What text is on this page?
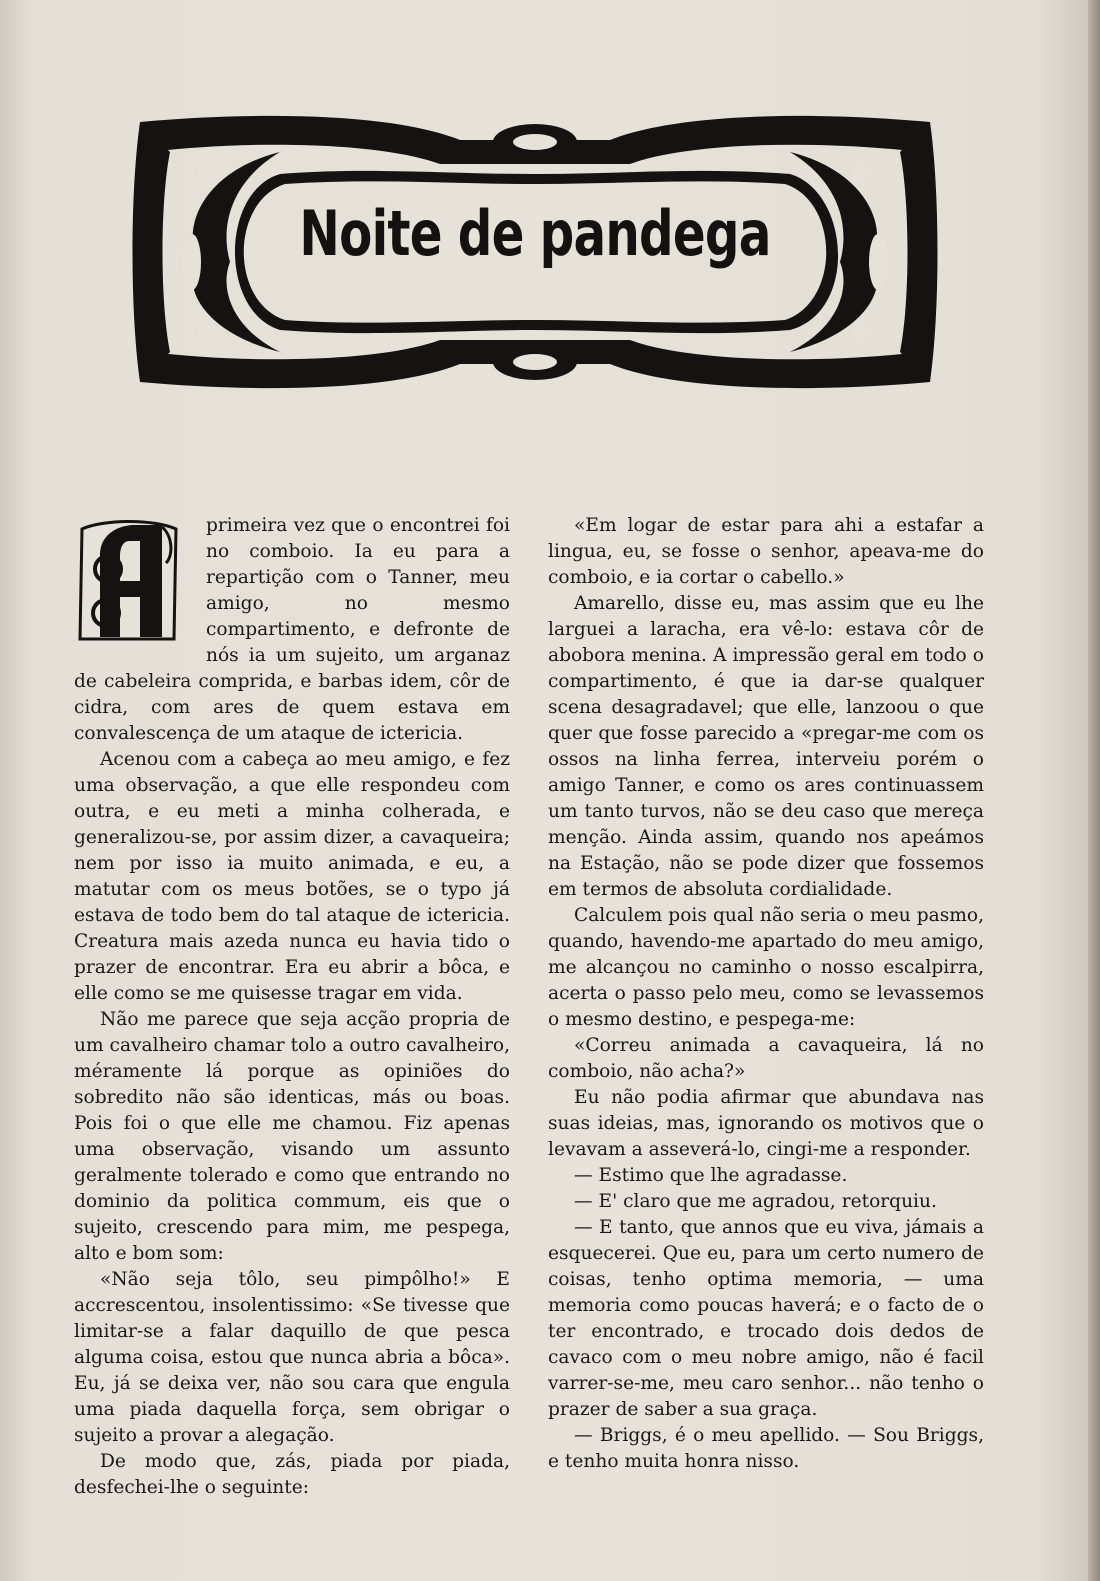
Noite de pandega
A	primeira vez que o encontrei foi no comboio. Ia eu para a repartição com o Tanner, meu amigo, no mesmo compartimento, e defronte de nós ia um sujeito, um arganaz de cabeleira comprida, e barbas idem, côr de cidra, com ares de quem estava em convalescença de um ataque de ictericia.

Acenou com a cabeça ao meu amigo, e fez uma observação, a que elle respondeu com outra, e eu meti a minha colherada, e generalizou-se, por assim dizer, a cavaqueira; nem por isso ia muito animada, e eu, a matutar com os meus botões, se o typo já estava de todo bem do tal ataque de ictericia. Creatura mais azeda nunca eu havia tido o prazer de encontrar. Era eu abrir a bôca, e elle como se me quisesse tragar em vida.

Não me parece que seja acção propria de um cavalheiro chamar tolo a outro cavalheiro, méramente lá porque as opiniões do sobredito não são identicas, más ou boas. Pois foi o que elle me chamou. Fiz apenas uma observação, visando um assunto geralmente tolerado e como que entrando no dominio da politica commum, eis que o sujeito, crescendo para mim, me pespega, alto e bom som:

«Não seja tôlo, seu pimpôlho!» E accrescentou, insolentissimo: «Se tivesse que limitar-se a falar daquillo de que pesca alguma coisa, estou que nunca abria a bôca». Eu, já se deixa ver, não sou cara que engula uma piada daquella força, sem obrigar o sujeito a provar a alegação.

De modo que, zás, piada por piada, desfechei-lhe o seguinte:

«Em logar de estar para ahi a estafar a lingua, eu, se fosse o senhor, apeava-me do comboio, e ia cortar o cabello.»

Amarello, disse eu, mas assim que eu lhe larguei a laracha, era vê-lo: estava côr de abobora menina. A impressão geral em todo o compartimento, é que ia dar-se qualquer scena desagradavel; que elle, lanzoou o que quer que fosse parecido a «pregar-me com os ossos na linha ferrea, interveiu porém o amigo Tanner, e como os ares continuassem um tanto turvos, não se deu caso que mereça menção. Ainda assim, quando nos apeámos na Estação, não se pode dizer que fossemos em termos de absoluta cordialidade.

Calculem pois qual não seria o meu pasmo, quando, havendo-me apartado do meu amigo, me alcançou no caminho o nosso escalpirra, acerta o passo pelo meu, como se levassemos o mesmo destino, e pespega-me:

«Correu animada a cavaqueira, lá no comboio, não acha?»

Eu não podia afirmar que abundava nas suas ideias, mas, ignorando os motivos que o levavam a asseverá-lo, cingi-me a responder.

— Estimo que lhe agradasse.

— E' claro que me agradou, retorquiu.

— E tanto, que annos que eu viva, jámais a esquecerei. Que eu, para um certo numero de coisas, tenho optima memoria, — uma memoria como poucas haverá; e o facto de o ter encontrado, e trocado dois dedos de cavaco com o meu nobre amigo, não é facil varrer-se-me, meu caro senhor... não tenho o prazer de saber a sua graça.

— Briggs, é o meu apellido. — Sou Briggs, e tenho muita honra nisso.
